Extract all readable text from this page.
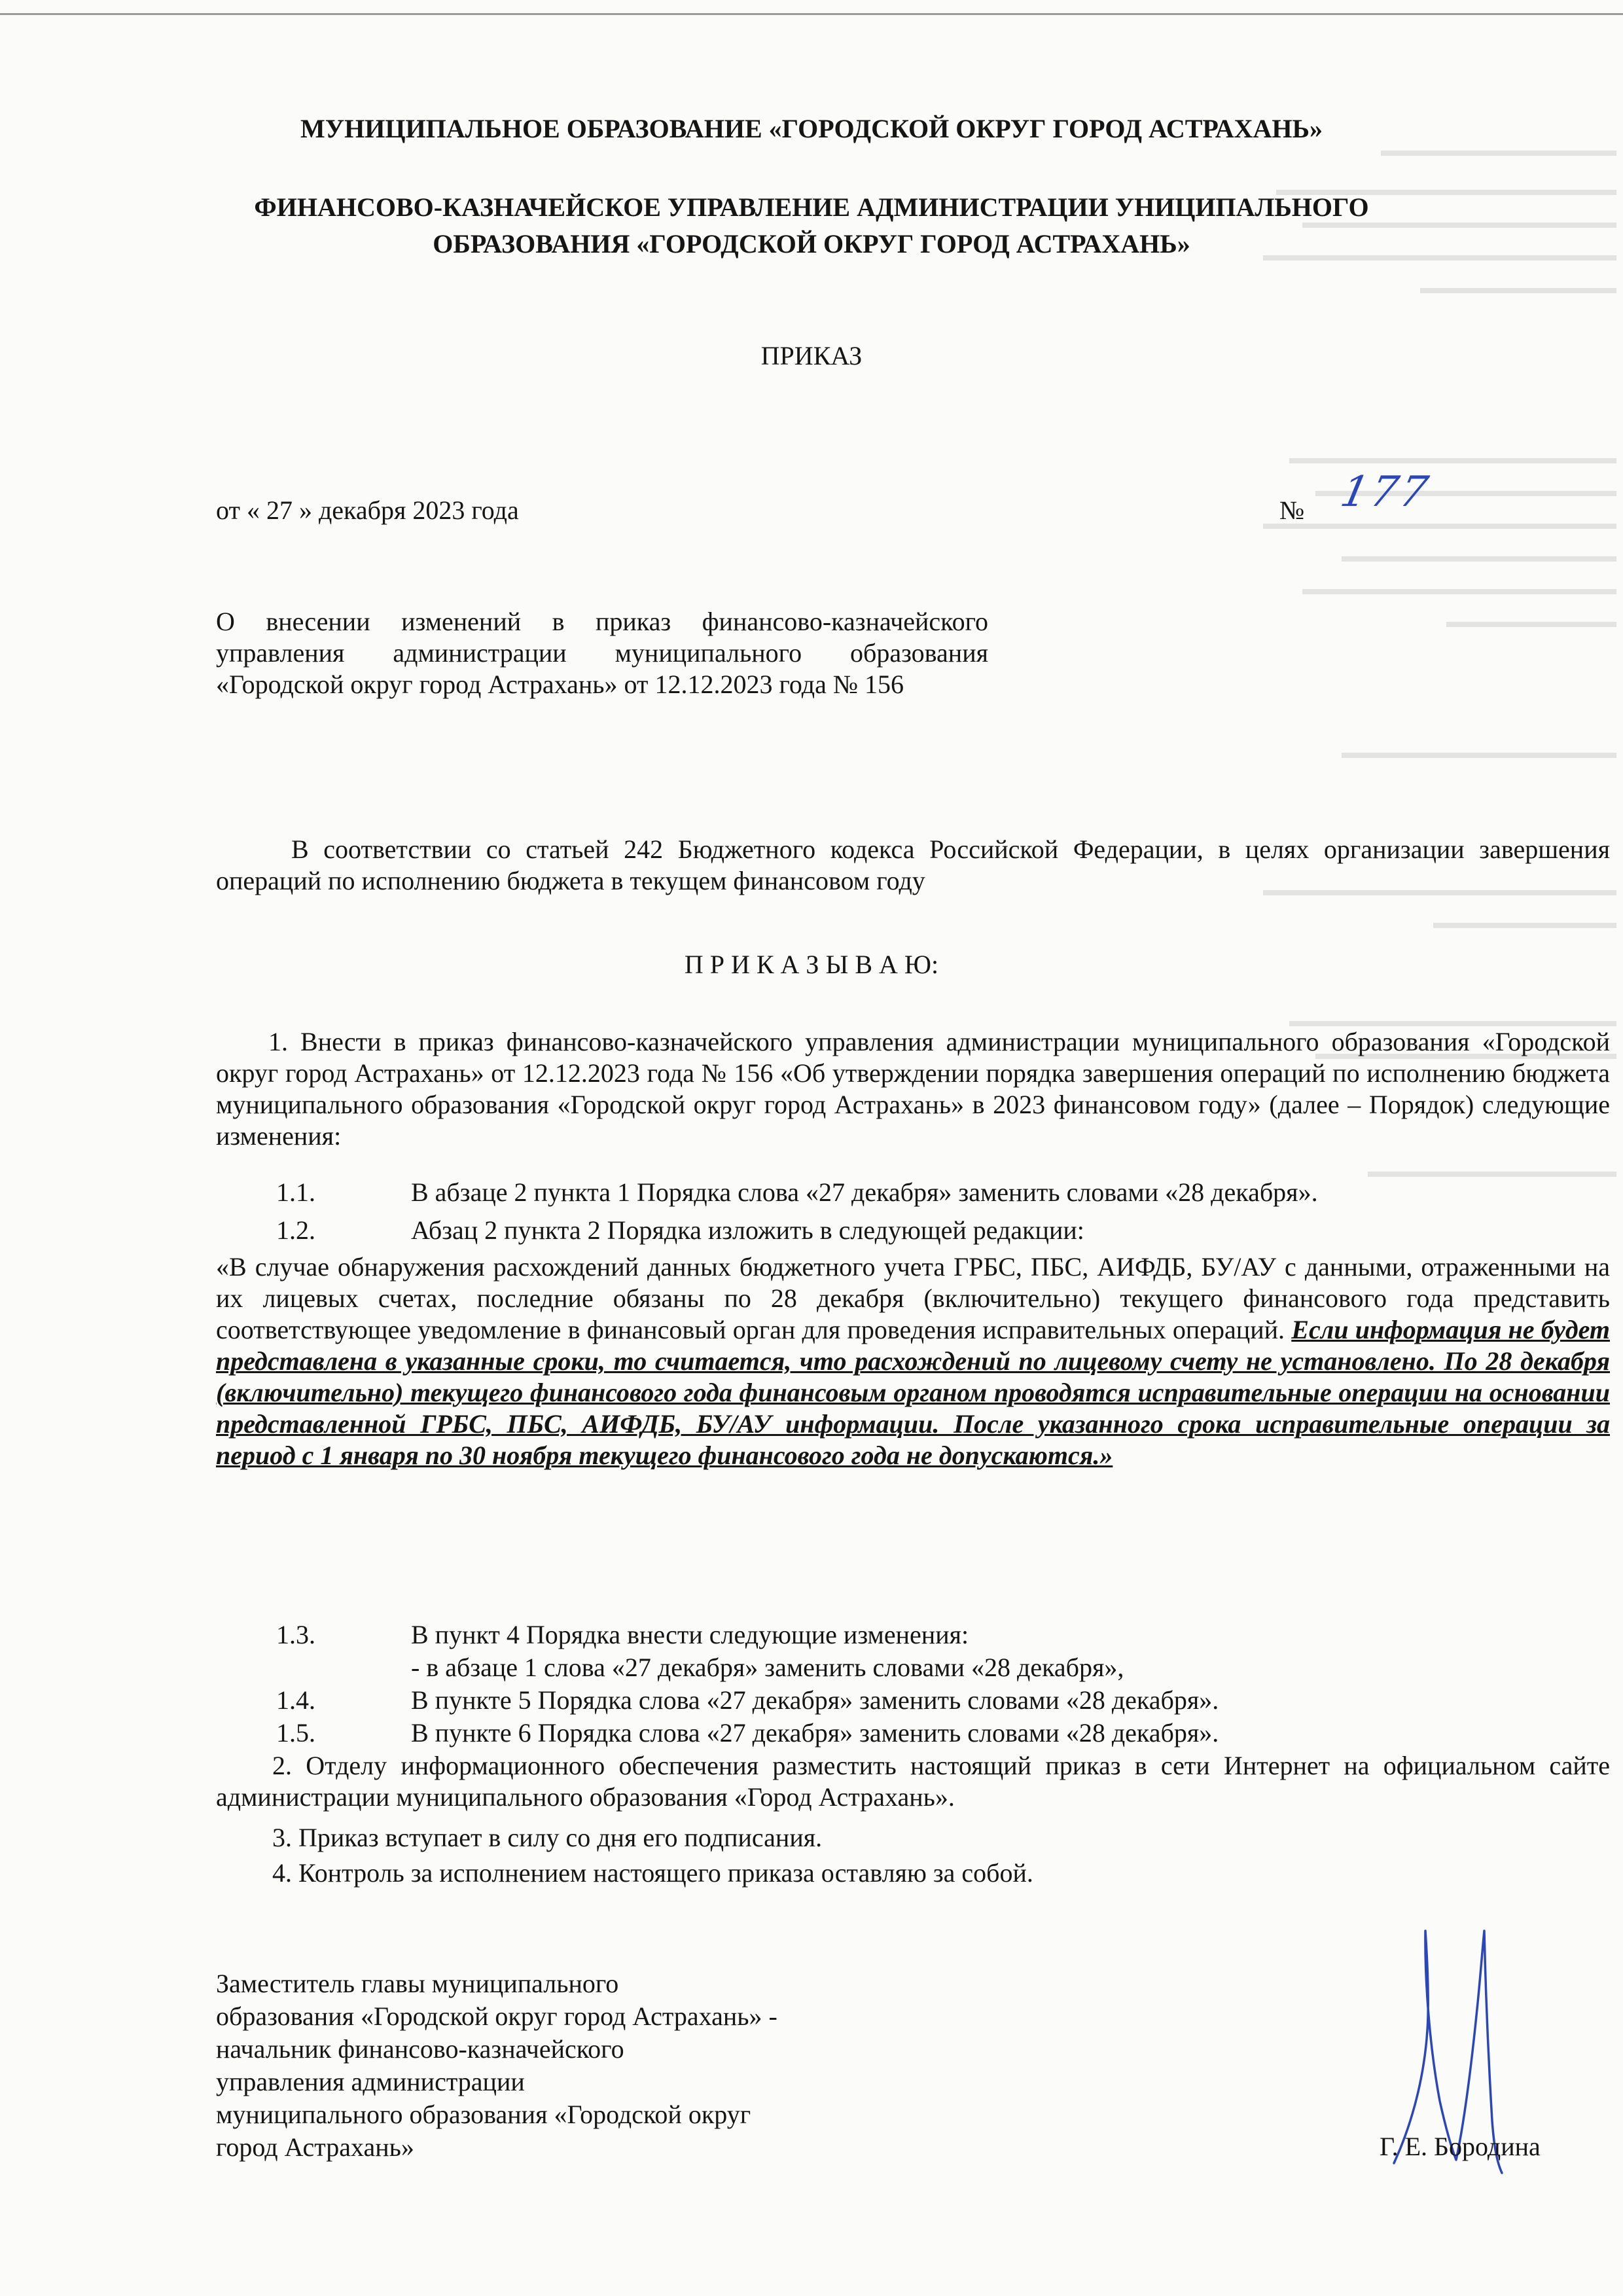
МУНИЦИПАЛЬНОЕ ОБРАЗОВАНИЕ «ГОРОДСКОЙ ОКРУГ ГОРОД АСТРАХАНЬ»
ФИНАНСОВО-КАЗНАЧЕЙСКОЕ УПРАВЛЕНИЕ АДМИНИСТРАЦИИ УНИЦИПАЛЬНОГО
ОБРАЗОВАНИЯ «ГОРОДСКОЙ ОКРУГ ГОРОД АСТРАХАНЬ»
ПРИКАЗ
от « 27 » декабря 2023 года	№ 177

О внесении изменений в приказ финансово-казначейского управления администрации муниципального образования «Городской округ город Астрахань» от 12.12.2023 года № 156

В соответствии со статьей 242 Бюджетного кодекса Российской Федерации, в целях организации завершения операций по исполнению бюджета в текущем финансовом году

П Р И К А З Ы В А Ю:

1. Внести в приказ финансово-казначейского управления администрации муниципального образования «Городской округ город Астрахань» от 12.12.2023 года № 156 «Об утверждении порядка завершения операций по исполнению бюджета муниципального образования «Городской округ город Астрахань» в 2023 финансовом году» (далее – Порядок) следующие изменения:

1.1.	В абзаце 2 пункта 1 Порядка слова «27 декабря» заменить словами «28 декабря».
1.2.	Абзац 2 пункта 2 Порядка изложить в следующей редакции:

«В случае обнаружения расхождений данных бюджетного учета ГРБС, ПБС, АИФДБ, БУ/АУ с данными, отраженными на их лицевых счетах, последние обязаны по 28 декабря (включительно) текущего финансового года представить соответствующее уведомление в финансовый орган для проведения исправительных операций. Если информация не будет представлена в указанные сроки, то считается, что расхождений по лицевому счету не установлено. По 28 декабря (включительно) текущего финансового года финансовым органом проводятся исправительные операции на основании представленной ГРБС, ПБС, АИФДБ, БУ/АУ информации. После указанного срока исправительные операции за период с 1 января по 30 ноября текущего финансового года не допускаются.»

1.3.	В пункт 4 Порядка внести следующие изменения:
- в абзаце 1 слова «27 декабря» заменить словами «28 декабря»,
1.4.	В пункте 5 Порядка слова «27 декабря» заменить словами «28 декабря».
1.5.	В пункте 6 Порядка слова «27 декабря» заменить словами «28 декабря».

2. Отделу информационного обеспечения разместить настоящий приказ в сети Интернет на официальном сайте администрации муниципального образования «Город Астрахань».

3. Приказ вступает в силу со дня его подписания.
4. Контроль за исполнением настоящего приказа оставляю за собой.
Заместитель главы муниципального
образования «Городской округ город Астрахань» -
начальник финансово-казначейского
управления администрации
муниципального образования «Городской округ
город Астрахань»	Г. Е. Бородина
